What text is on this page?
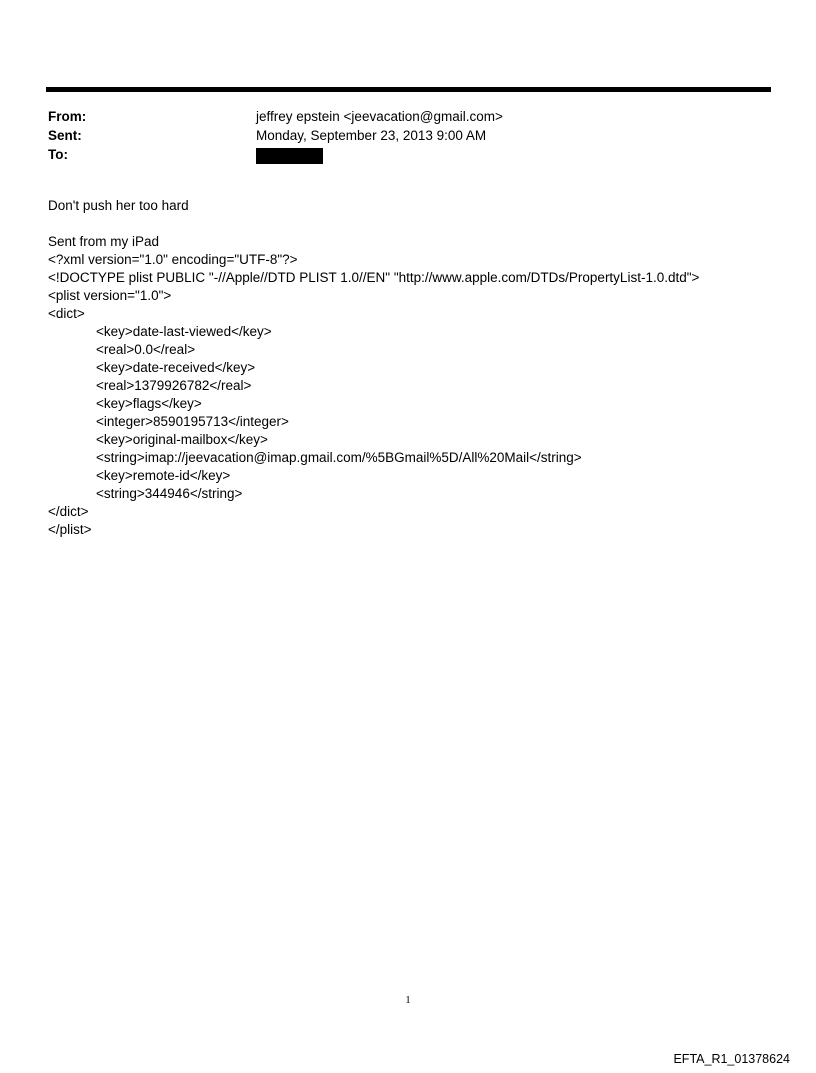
From:	jeffrey epstein <jeevacation@gmail.com>
Sent:	Monday, September 23, 2013 9:00 AM
To:
Don't push her too hard
Sent from my iPad
<?xml version="1.0" encoding="UTF-8"?>
<!DOCTYPE plist PUBLIC "-//Apple//DTD PLIST 1.0//EN" "http://www.apple.com/DTDs/PropertyList-1.0.dtd">
<plist version="1.0">
<dict>
<key>date-last-viewed</key>
<real>0.0</real>
<key>date-received</key>
<real>1379926782</real>
<key>flags</key>
<integer>8590195713</integer>
<key>original-mailbox</key>
<string>imap://jeevacation@imap.gmail.com/%5BGmail%5D/All%20Mail</string>
<key>remote-id</key>
<string>344946</string>
</dict>
</plist>
1
EFTA_R1_01378624
